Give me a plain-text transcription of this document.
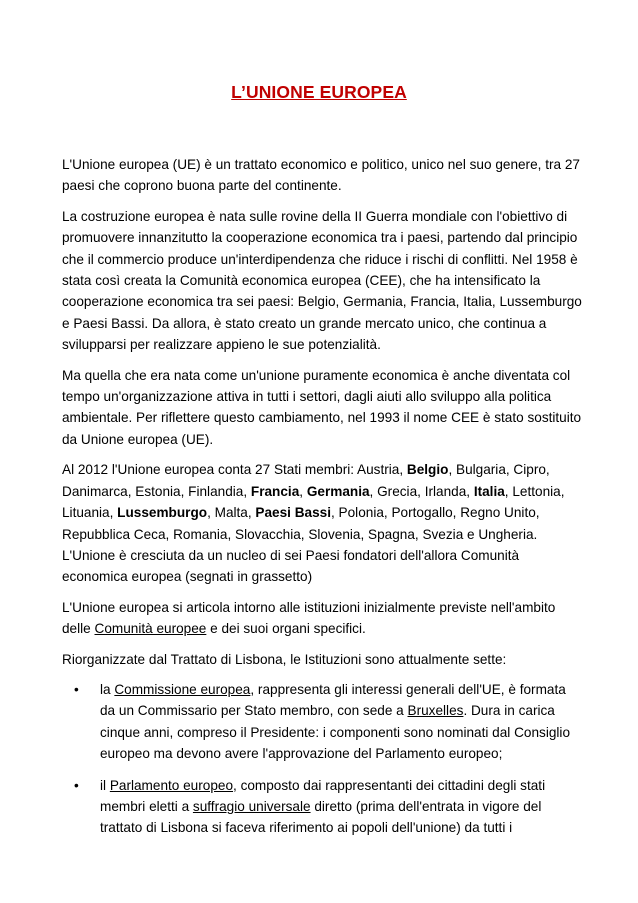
L’UNIONE EUROPEA

L'Unione europea (UE) è un trattato economico e politico, unico nel suo genere, tra 27 paesi che coprono buona parte del continente.

La costruzione europea è nata sulle rovine della II Guerra mondiale con l'obiettivo di promuovere innanzitutto la cooperazione economica tra i paesi, partendo dal principio che il commercio produce un'interdipendenza che riduce i rischi di conflitti. Nel 1958 è stata così creata la Comunità economica europea (CEE), che ha intensificato la cooperazione economica tra sei paesi: Belgio, Germania, Francia, Italia, Lussemburgo e Paesi Bassi. Da allora, è stato creato un grande mercato unico, che continua a svilupparsi per realizzare appieno le sue potenzialità.

Ma quella che era nata come un'unione puramente economica è anche diventata col tempo un'organizzazione attiva in tutti i settori, dagli aiuti allo sviluppo alla politica ambientale. Per riflettere questo cambiamento, nel 1993 il nome CEE è stato sostituito da Unione europea (UE).

Al 2012 l'Unione europea conta 27 Stati membri: Austria, Belgio, Bulgaria, Cipro, Danimarca, Estonia, Finlandia, Francia, Germania, Grecia, Irlanda, Italia, Lettonia, Lituania, Lussemburgo, Malta, Paesi Bassi, Polonia, Portogallo, Regno Unito, Repubblica Ceca, Romania, Slovacchia, Slovenia, Spagna, Svezia e Ungheria.

L'Unione è cresciuta da un nucleo di sei Paesi fondatori dell'allora Comunità economica europea (segnati in grassetto)

L'Unione europea si articola intorno alle istituzioni inizialmente previste nell'ambito delle Comunità europee e dei suoi organi specifici.

Riorganizzate dal Trattato di Lisbona, le Istituzioni sono attualmente sette:

• la Commissione europea, rappresenta gli interessi generali dell'UE, è formata da un Commissario per Stato membro, con sede a Bruxelles. Dura in carica cinque anni, compreso il Presidente: i componenti sono nominati dal Consiglio europeo ma devono avere l'approvazione del Parlamento europeo;
• il Parlamento europeo, composto dai rappresentanti dei cittadini degli stati membri eletti a suffragio universale diretto (prima dell'entrata in vigore del trattato di Lisbona si faceva riferimento ai popoli dell'unione) da tutti i
